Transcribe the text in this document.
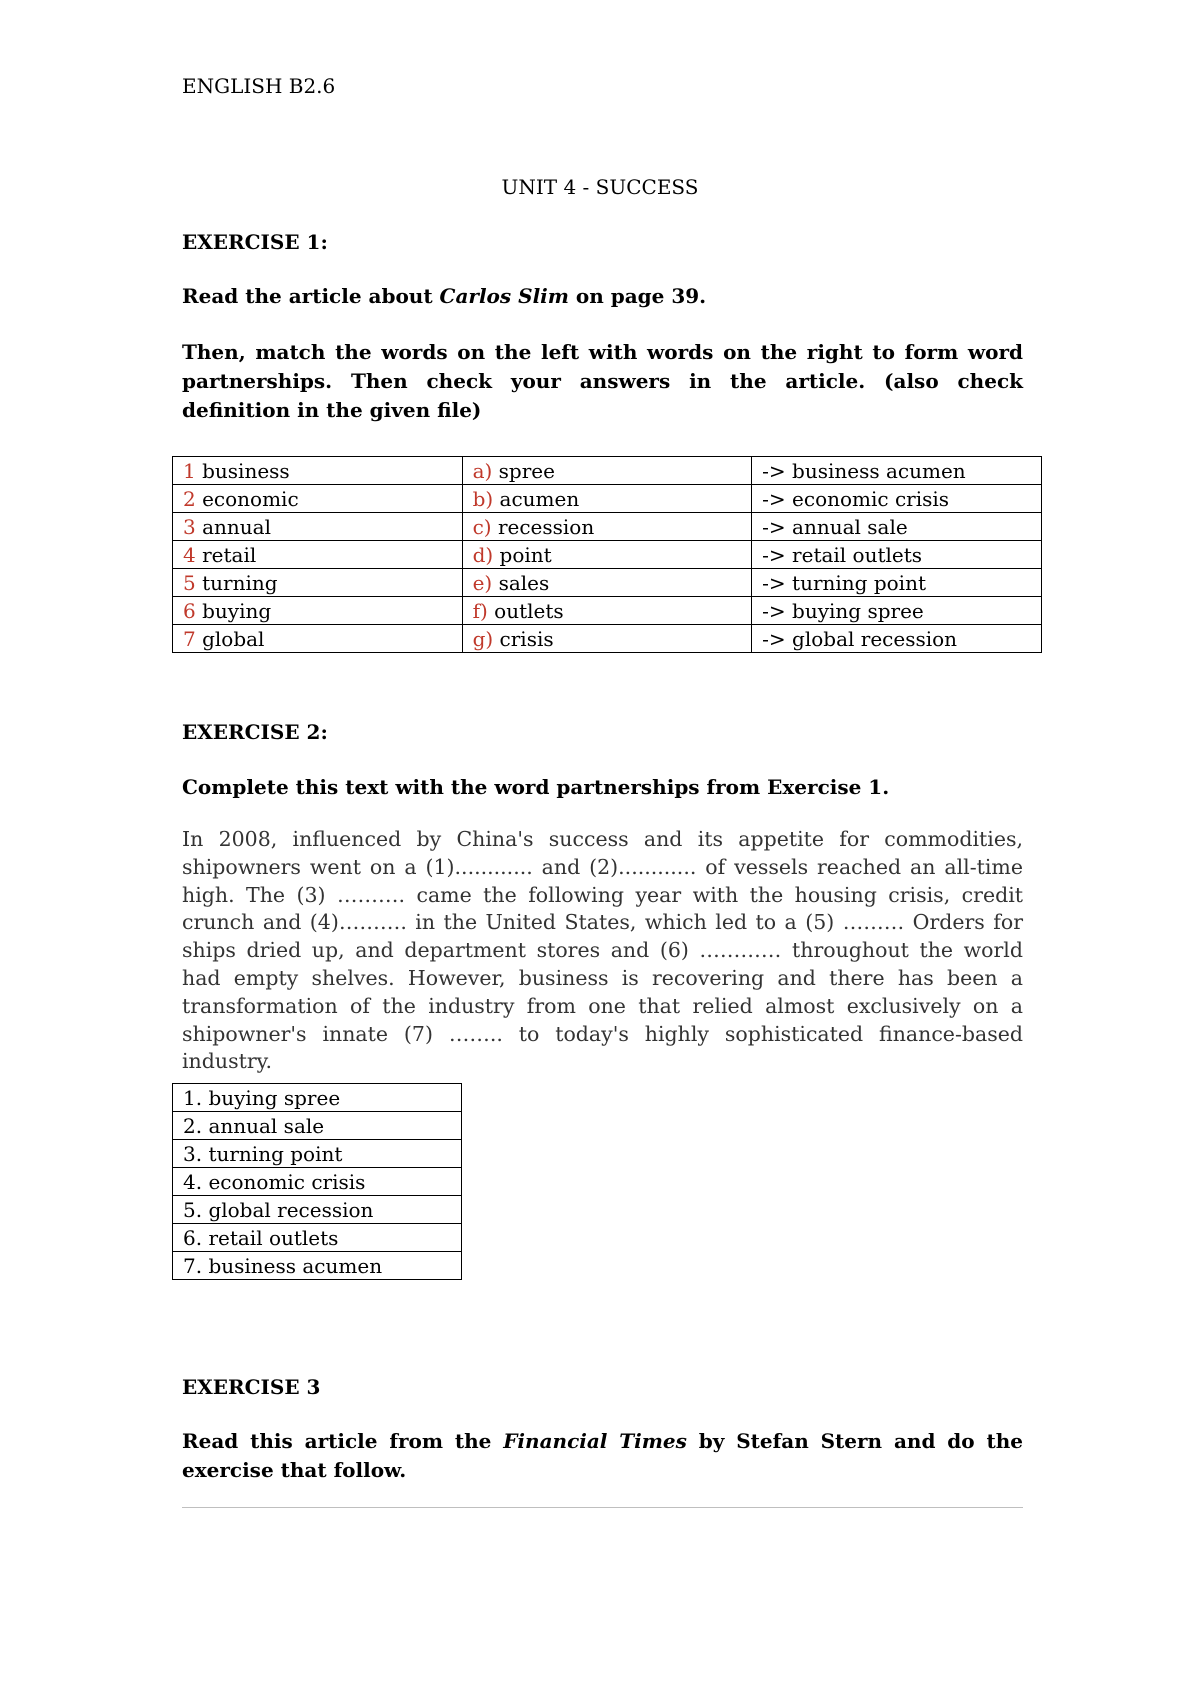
ENGLISH B2.6
UNIT 4 - SUCCESS
EXERCISE 1:
Read the article about Carlos Slim on page 39.
Then, match the words on the left with words on the right to form word partnerships. Then check your answers in the article. (also check definition in the given file)
1 business	a) spree	-> business acumen
2 economic	b) acumen	-> economic crisis
3 annual	c) recession	-> annual sale
4 retail	d) point	-> retail outlets
5 turning	e) sales	-> turning point
6 buying	f) outlets	-> buying spree
7 global	g) crisis	-> global recession
EXERCISE 2:
Complete this text with the word partnerships from Exercise 1.
In 2008, influenced by China's success and its appetite for commodities, shipowners went on a (1)............ and (2)............ of vessels reached an all-time high. The (3) ………. came the following year with the housing crisis, credit crunch and (4)………. in the United States, which led to a (5) ……… Orders for ships dried up, and department stores and (6) ………… throughout the world had empty shelves. However, business is recovering and there has been a transformation of the industry from one that relied almost exclusively on a shipowner's innate (7) …….. to today's highly sophisticated finance-based industry.
1. buying spree
2. annual sale
3. turning point
4. economic crisis
5. global recession
6. retail outlets
7. business acumen
EXERCISE 3
Read this article from the Financial Times by Stefan Stern and do the exercise that follow.
